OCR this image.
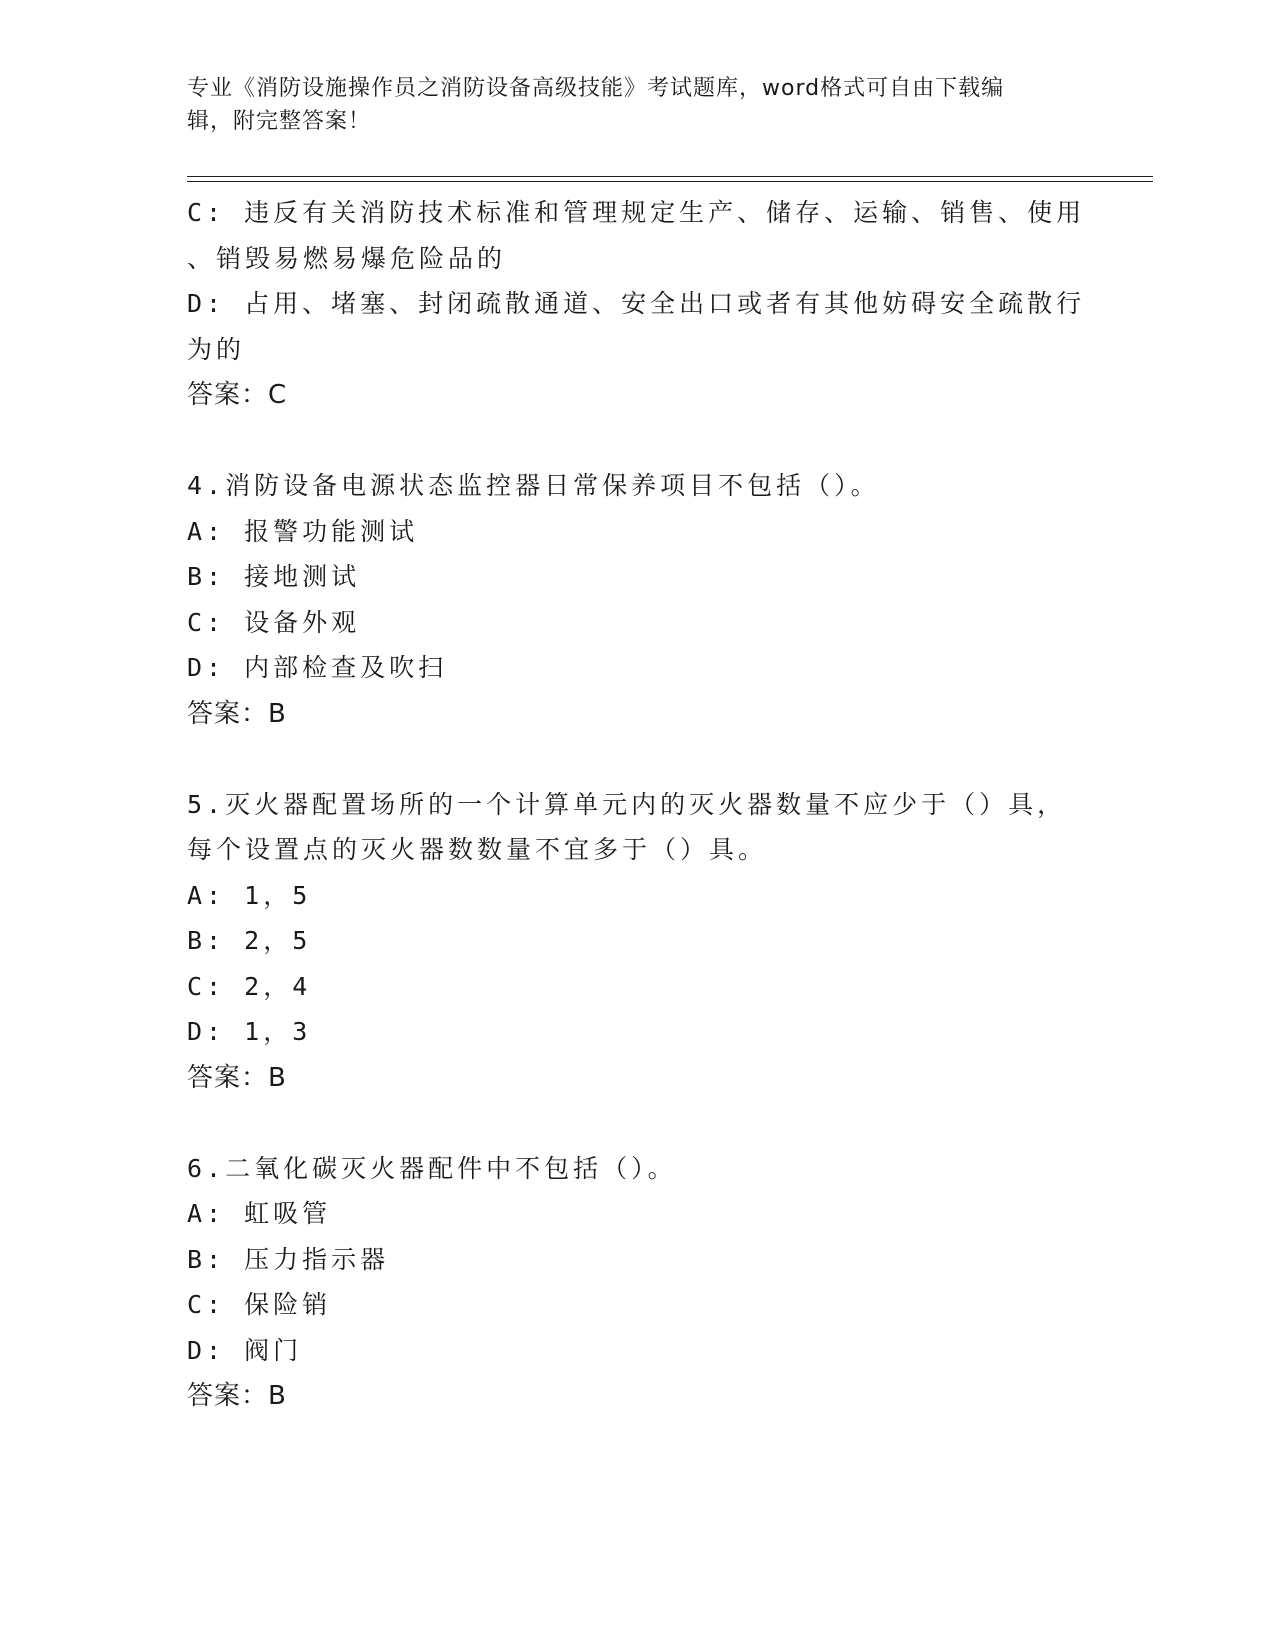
专业《消防设施操作员之消防设备高级技能》考试题库，word格式可自由下载编
辑，附完整答案！
C: 违反有关消防技术标准和管理规定生产、储存、运输、销售、使用
、销毁易燃易爆危险品的
D: 占用、堵塞、封闭疏散通道、安全出口或者有其他妨碍安全疏散行
为的
答案：C
4.消防设备电源状态监控器日常保养项目不包括（）。
A: 报警功能测试
B: 接地测试
C: 设备外观
D: 内部检查及吹扫
答案：B
5.灭火器配置场所的一个计算单元内的灭火器数量不应少于（）具，
每个设置点的灭火器数数量不宜多于（）具。
A: 1，5
B: 2，5
C: 2，4
D: 1，3
答案：B
6.二氧化碳灭火器配件中不包括（）。
A: 虹吸管
B: 压力指示器
C: 保险销
D: 阀门
答案：B
